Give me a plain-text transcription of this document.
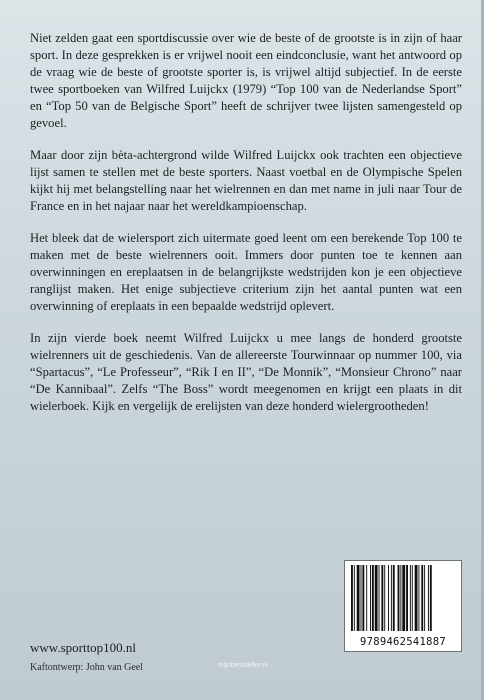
Niet zelden gaat een sportdiscussie over wie de beste of de grootste is in zijn of haar sport. In deze gesprekken is er vrijwel nooit een eindconclusie, want het antwoord op de vraag wie de beste of grootste sporter is, is vrijwel altijd subjectief. In de eerste twee sportboeken van Wilfred Luijckx (1979) “Top 100 van de Nederlandse Sport” en “Top 50 van de Belgische Sport” heeft de schrijver twee lijsten samengesteld op gevoel.

Maar door zijn bèta-achtergrond wilde Wilfred Luijckx ook trachten een objectieve lijst samen te stellen met de beste sporters. Naast voetbal en de Olympische Spelen kijkt hij met belangstelling naar het wielrennen en dan met name in juli naar Tour de France en in het najaar naar het wereldkampioenschap.

Het bleek dat de wielersport zich uitermate goed leent om een berekende Top 100 te maken met de beste wielrenners ooit. Immers door punten toe te kennen aan overwinningen en ereplaatsen in de belangrijkste wedstrijden kon je een objectieve ranglijst maken. Het enige subjectieve criterium zijn het aantal punten wat een overwinning of ereplaats in een bepaalde wedstrijd oplevert.

In zijn vierde boek neemt Wilfred Luijckx u mee langs de honderd grootste wielrenners uit de geschiedenis. Van de allereerste Tourwinnaar op nummer 100, via “Spartacus”, “Le Professeur”, “Rik I en II”, “De Monnik”, “Monsieur Chrono” naar “De Kannibaal”. Zelfs “The Boss” wordt meegenomen en krijgt een plaats in dit wielerboek. Kijk en vergelijk de erelijsten van deze honderd wielergrootheden!

9789462541887
www.sporttop100.nl
Kaftontwerp: John van Geel	mijnbestseller.nl
